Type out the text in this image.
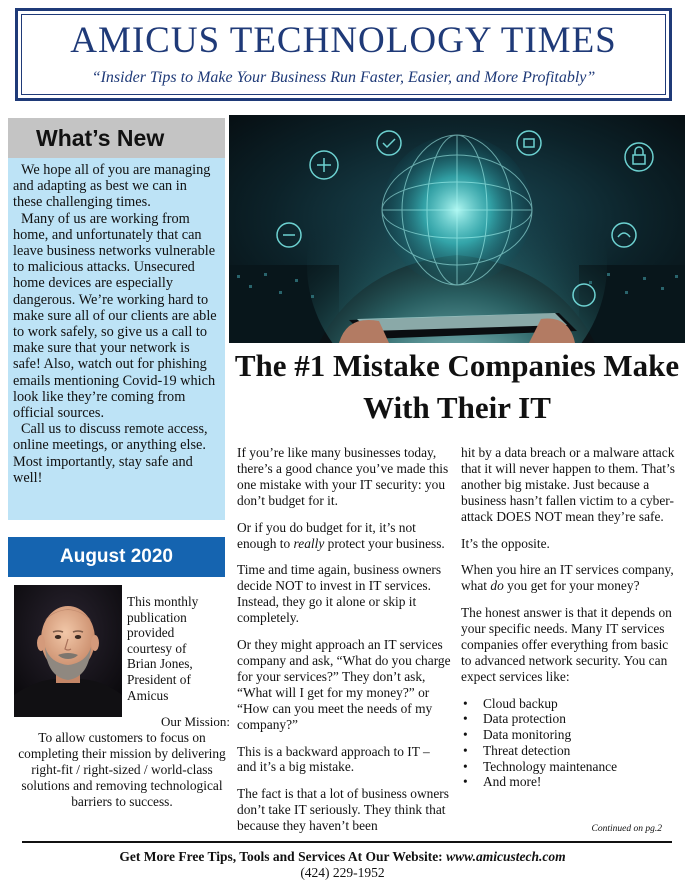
AMICUS TECHNOLOGY TIMES
“Insider Tips to Make Your Business Run Faster, Easier, and More Profitably”
What’s New

We hope all of you are managing and adapting as best we can in these challenging times.

Many of us are working from home, and unfortunately that can leave business networks vulnerable to malicious attacks. Unsecured home devices are especially dangerous. We’re working hard to make sure all of our clients are able to work safely, so give us a call to make sure that your network is safe! Also, watch out for phishing emails mentioning Covid-19 which look like they’re coming from official sources.

Call us to discuss remote access, online meetings, or anything else. Most importantly, stay safe and well!

August 2020
This monthly
publication
provided
courtesy of
Brian Jones,
President of
Amicus
Our Mission:
To allow customers to focus on completing their mission by delivering right-fit / right-sized / world-class solutions and removing technological barriers to success.
The #1 Mistake Companies Make With Their IT

If you’re like many businesses today, there’s a good chance you’ve made this one mistake with your IT security: you don’t budget for it.

Or if you do budget for it, it’s not enough to really protect your business.

Time and time again, business owners decide NOT to invest in IT services. Instead, they go it alone or skip it completely.

Or they might approach an IT services company and ask, “What do you charge for your services?” They don’t ask, “What will I get for my money?” or “How can you meet the needs of my company?”

This is a backward approach to IT – and it’s a big mistake.

The fact is that a lot of business owners don’t take IT seriously. They think that because they haven’t been

hit by a data breach or a malware attack that it will never happen to them. That’s another big mistake. Just because a business hasn’t fallen victim to a cyber-attack DOES NOT mean they’re safe.

It’s the opposite.

When you hire an IT services company, what do you get for your money?

The honest answer is that it depends on your specific needs. Many IT services companies offer everything from basic to advanced network security. You can expect services like:

• Cloud backup
• Data protection
• Data monitoring
• Threat detection
• Technology maintenance
• And more!
Continued on pg.2
Get More Free Tips, Tools and Services At Our Website: www.amicustech.com
(424) 229-1952
